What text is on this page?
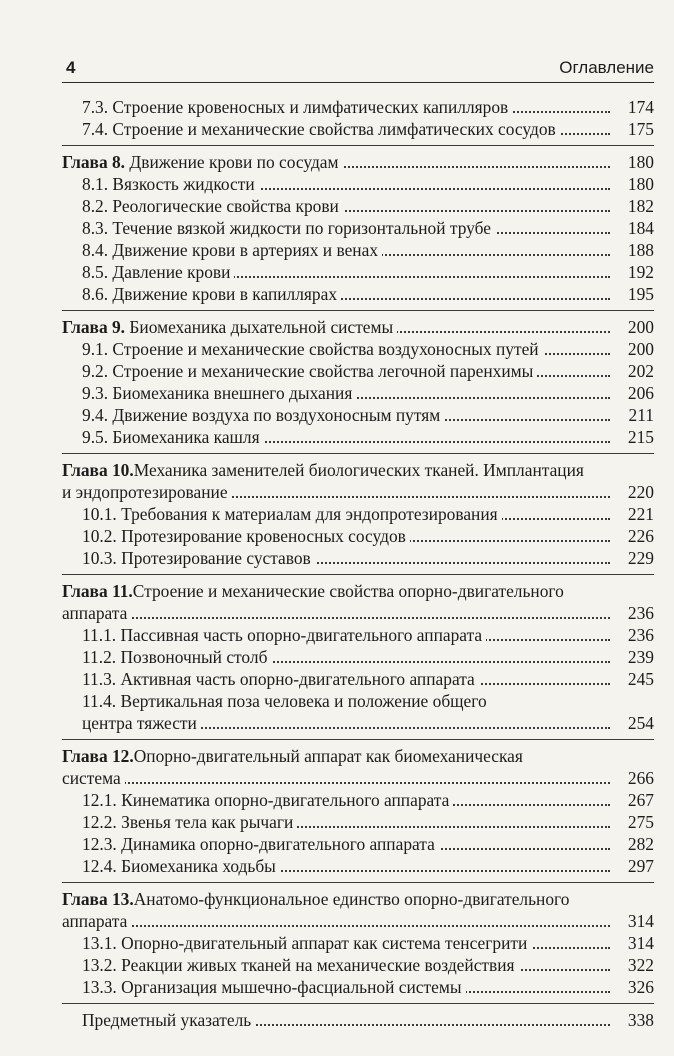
4	Оглавление
7.3. Строение кровеносных и лимфатических капилляров	174
7.4. Строение и механические свойства лимфатических сосудов	175
Глава 8. Движение крови по сосудам	180
8.1. Вязкость жидкости	180
8.2. Реологические свойства крови	182
8.3. Течение вязкой жидкости по горизонтальной трубе	184
8.4. Движение крови в артериях и венах	188
8.5. Давление крови	192
8.6. Движение крови в капиллярах	195
Глава 9. Биомеханика дыхательной системы	200
9.1. Строение и механические свойства воздухоносных путей	200
9.2. Строение и механические свойства легочной паренхимы	202
9.3. Биомеханика внешнего дыхания	206
9.4. Движение воздуха по воздухоносным путям	211
9.5. Биомеханика кашля	215
Глава 10. Механика заменителей биологических тканей. Имплантация
и эндопротезирование	220
10.1. Требования к материалам для эндопротезирования	221
10.2. Протезирование кровеносных сосудов	226
10.3. Протезирование суставов	229
Глава 11. Строение и механические свойства опорно-двигательного
аппарата	236
11.1. Пассивная часть опорно-двигательного аппарата	236
11.2. Позвоночный столб	239
11.3. Активная часть опорно-двигательного аппарата	245
11.4. Вертикальная поза человека и положение общего
центра тяжести	254
Глава 12. Опорно-двигательный аппарат как биомеханическая
система	266
12.1. Кинематика опорно-двигательного аппарата	267
12.2. Звенья тела как рычаги	275
12.3. Динамика опорно-двигательного аппарата	282
12.4. Биомеханика ходьбы	297
Глава 13. Анатомо-функциональное единство опорно-двигательного
аппарата	314
13.1. Опорно-двигательный аппарат как система тенсегрити	314
13.2. Реакции живых тканей на механические воздействия	322
13.3. Организация мышечно-фасциальной системы	326
Предметный указатель	338
